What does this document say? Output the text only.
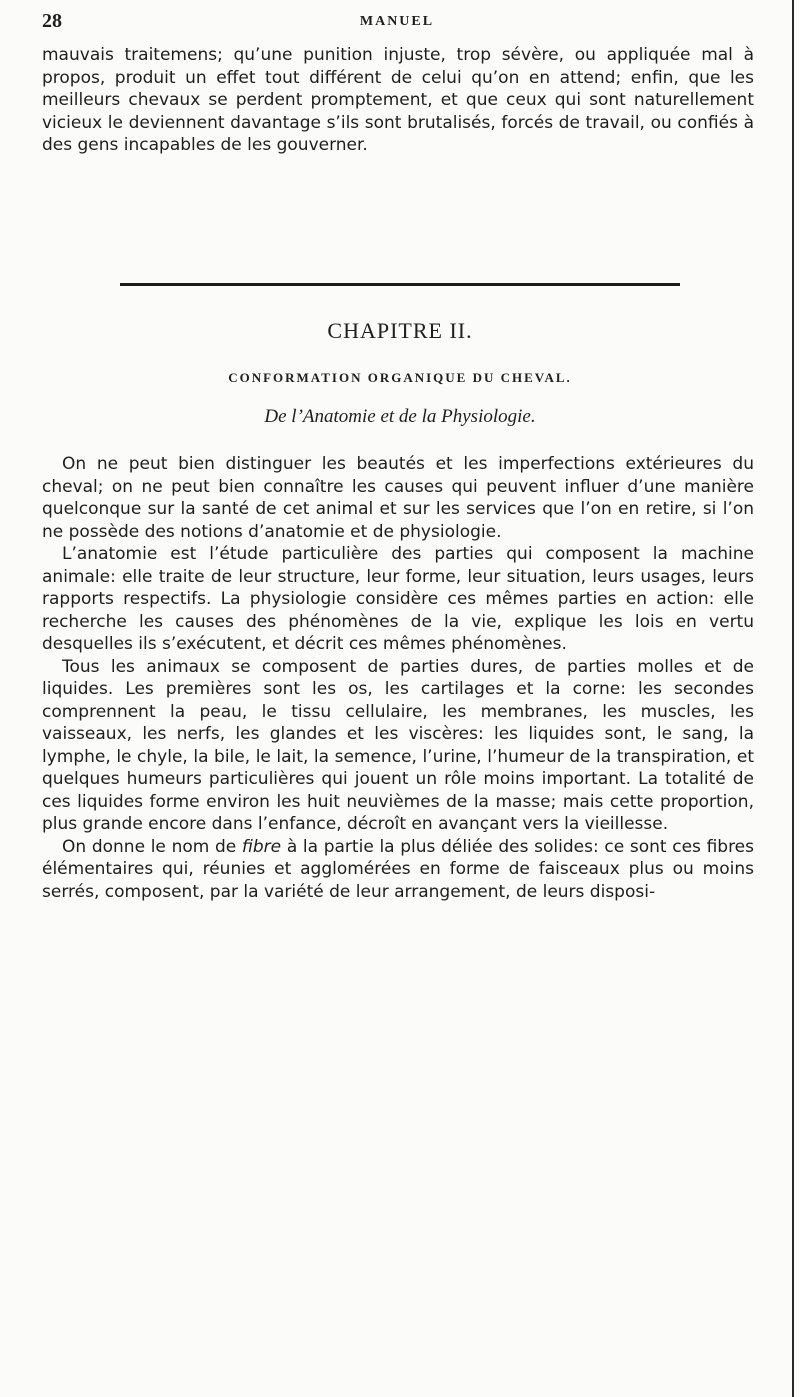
28	MANUEL

mauvais traitemens; qu’une punition injuste, trop sévère, ou appliquée mal à propos, produit un effet tout différent de celui qu’on en attend; enfin, que les meilleurs chevaux se perdent promptement, et que ceux qui sont naturellement vicieux le deviennent davantage s’ils sont brutalisés, forcés de travail, ou confiés à des gens incapables de les gouverner.

CHAPITRE II.
CONFORMATION ORGANIQUE DU CHEVAL.
De l’Anatomie et de la Physiologie.

On ne peut bien distinguer les beautés et les imperfections extérieures du cheval; on ne peut bien connaître les causes qui peuvent influer d’une manière quelconque sur la santé de cet animal et sur les services que l’on en retire, si l’on ne possède des notions d’anatomie et de physiologie.

L’anatomie est l’étude particulière des parties qui composent la machine animale: elle traite de leur structure, leur forme, leur situation, leurs usages, leurs rapports respectifs. La physiologie considère ces mêmes parties en action: elle recherche les causes des phénomènes de la vie, explique les lois en vertu desquelles ils s’exécutent, et décrit ces mêmes phénomènes.

Tous les animaux se composent de parties dures, de parties molles et de liquides. Les premières sont les os, les cartilages et la corne: les secondes comprennent la peau, le tissu cellulaire, les membranes, les muscles, les vaisseaux, les nerfs, les glandes et les viscères: les liquides sont, le sang, la lymphe, le chyle, la bile, le lait, la semence, l’urine, l’humeur de la transpiration, et quelques humeurs particulières qui jouent un rôle moins important. La totalité de ces liquides forme environ les huit neuvièmes de la masse; mais cette proportion, plus grande encore dans l’enfance, décroît en avançant vers la vieillesse.

On donne le nom de fibre à la partie la plus déliée des solides: ce sont ces fibres élémentaires qui, réunies et agglomérées en forme de faisceaux plus ou moins serrés, composent, par la variété de leur arrangement, de leurs disposi-
